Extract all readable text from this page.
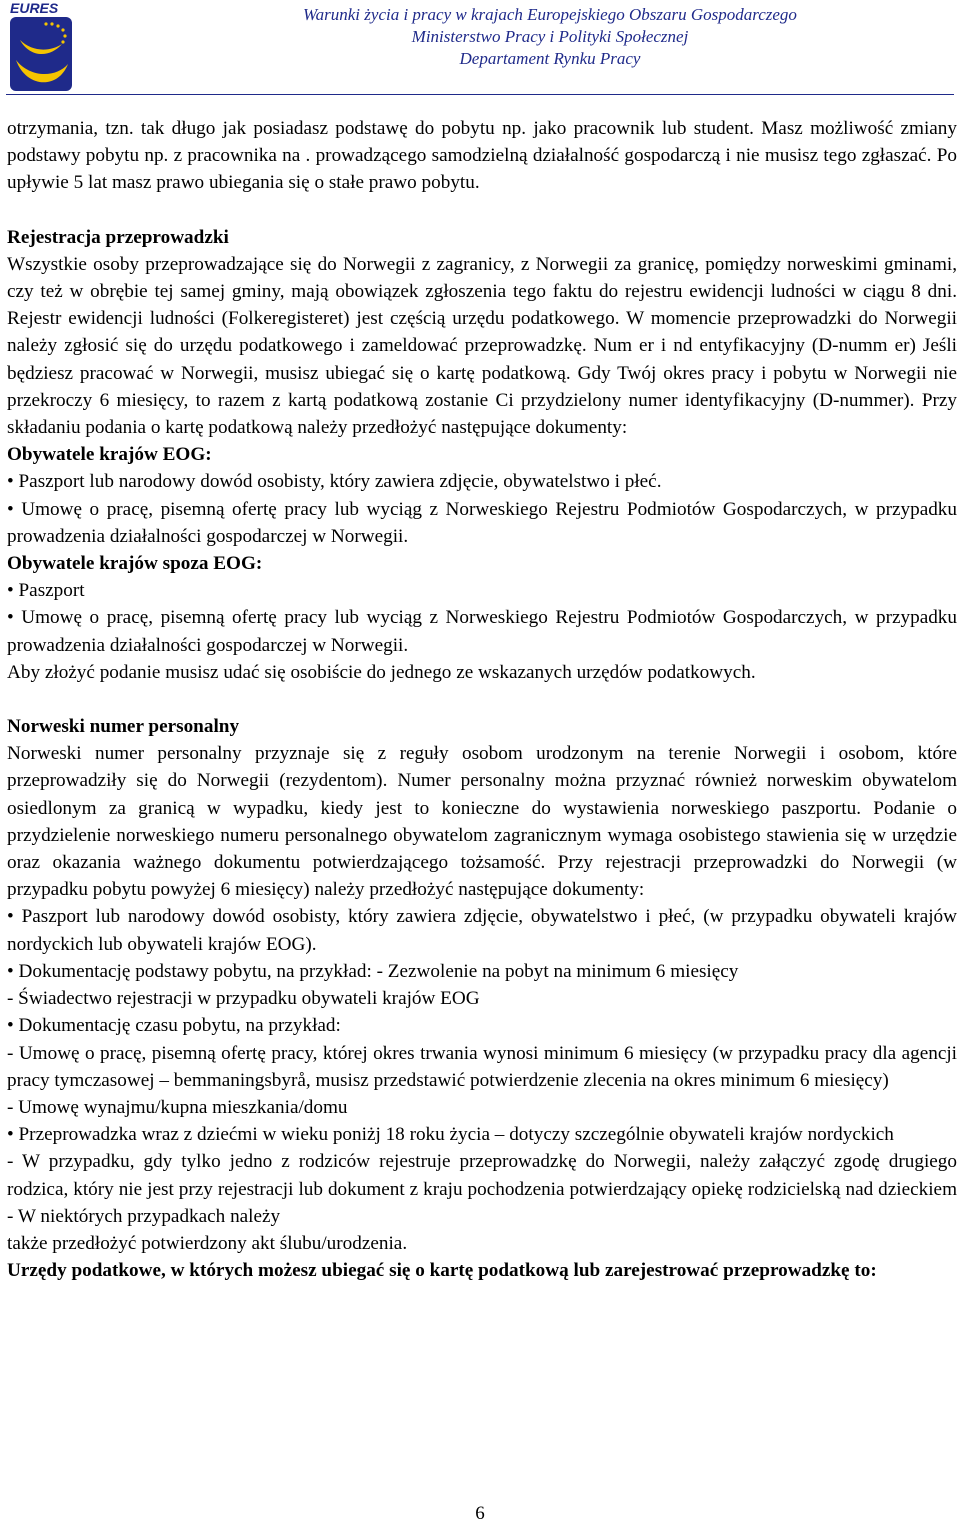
EURES	Warunki życia i pracy w krajach Europejskiego Obszaru Gospodarczego
Ministerstwo Pracy i Polityki Społecznej
Departament Rynku Pracy

otrzymania, tzn. tak długo jak posiadasz podstawę do pobytu np. jako pracownik lub student. Masz możliwość zmiany podstawy pobytu np. z pracownika na . prowadzącego samodzielną działalność gospodarczą i nie musisz tego zgłaszać. Po upływie 5 lat masz prawo ubiegania się o stałe prawo pobytu.

Rejestracja przeprowadzki

Wszystkie osoby przeprowadzające się do Norwegii z zagranicy, z Norwegii za granicę, pomiędzy norweskimi gminami, czy też w obrębie tej samej gminy, mają obowiązek zgłoszenia tego faktu do rejestru ewidencji ludności w ciągu 8 dni. Rejestr ewidencji ludności (Folkeregisteret) jest częścią urzędu podatkowego. W momencie przeprowadzki do Norwegii należy zgłosić się do urzędu podatkowego i zameldować przeprowadzkę. Num er i nd entyfikacyjny (D-numm er) Jeśli będziesz pracować w Norwegii, musisz ubiegać się o kartę podatkową. Gdy Twój okres pracy i pobytu w Norwegii nie przekroczy 6 miesięcy, to razem z kartą podatkową zostanie Ci przydzielony numer identyfikacyjny (D-nummer). Przy składaniu podania o kartę podatkową należy przedłożyć następujące dokumenty:

Obywatele krajów EOG:

• Paszport lub narodowy dowód osobisty, który zawiera zdjęcie, obywatelstwo i płeć.

• Umowę o pracę, pisemną ofertę pracy lub wyciąg z Norweskiego Rejestru Podmiotów Gospodarczych, w przypadku prowadzenia działalności gospodarczej w Norwegii.

Obywatele krajów spoza EOG:

• Paszport

• Umowę o pracę, pisemną ofertę pracy lub wyciąg z Norweskiego Rejestru Podmiotów Gospodarczych, w przypadku prowadzenia działalności gospodarczej w Norwegii.

Aby złożyć podanie musisz udać się osobiście do jednego ze wskazanych urzędów podatkowych.

Norweski numer personalny

Norweski numer personalny przyznaje się z reguły osobom urodzonym na terenie Norwegii i osobom, które przeprowadziły się do Norwegii (rezydentom). Numer personalny można przyznać również norweskim obywatelom osiedlonym za granicą w wypadku, kiedy jest to konieczne do wystawienia norweskiego paszportu. Podanie o przydzielenie norweskiego numeru personalnego obywatelom zagranicznym wymaga osobistego stawienia się w urzędzie oraz okazania ważnego dokumentu potwierdzającego tożsamość. Przy rejestracji przeprowadzki do Norwegii (w przypadku pobytu powyżej 6 miesięcy) należy przedłożyć następujące dokumenty:

• Paszport lub narodowy dowód osobisty, który zawiera zdjęcie, obywatelstwo i płeć, (w przypadku obywateli krajów nordyckich lub obywateli krajów EOG).

• Dokumentację podstawy pobytu, na przykład: - Zezwolenie na pobyt na minimum 6 miesięcy

- Świadectwo rejestracji w przypadku obywateli krajów EOG

• Dokumentację czasu pobytu, na przykład:

- Umowę o pracę, pisemną ofertę pracy, której okres trwania wynosi minimum 6 miesięcy (w przypadku pracy dla agencji pracy tymczasowej – bemmaningsbyrå, musisz przedstawić potwierdzenie zlecenia na okres minimum 6 miesięcy)

- Umowę wynajmu/kupna mieszkania/domu

• Przeprowadzka wraz z dziećmi w wieku poniżj 18 roku życia – dotyczy szczególnie obywateli krajów nordyckich

- W przypadku, gdy tylko jedno z rodziców rejestruje przeprowadzkę do Norwegii, należy załączyć zgodę drugiego rodzica, który nie jest przy rejestracji lub dokument z kraju pochodzenia potwierdzający opiekę rodzicielską nad dzieckiem - W niektórych przypadkach należy

także przedłożyć potwierdzony akt ślubu/urodzenia.

Urzędy podatkowe, w których możesz ubiegać się o kartę podatkową lub zarejestrować przeprowadzkę to:

6
